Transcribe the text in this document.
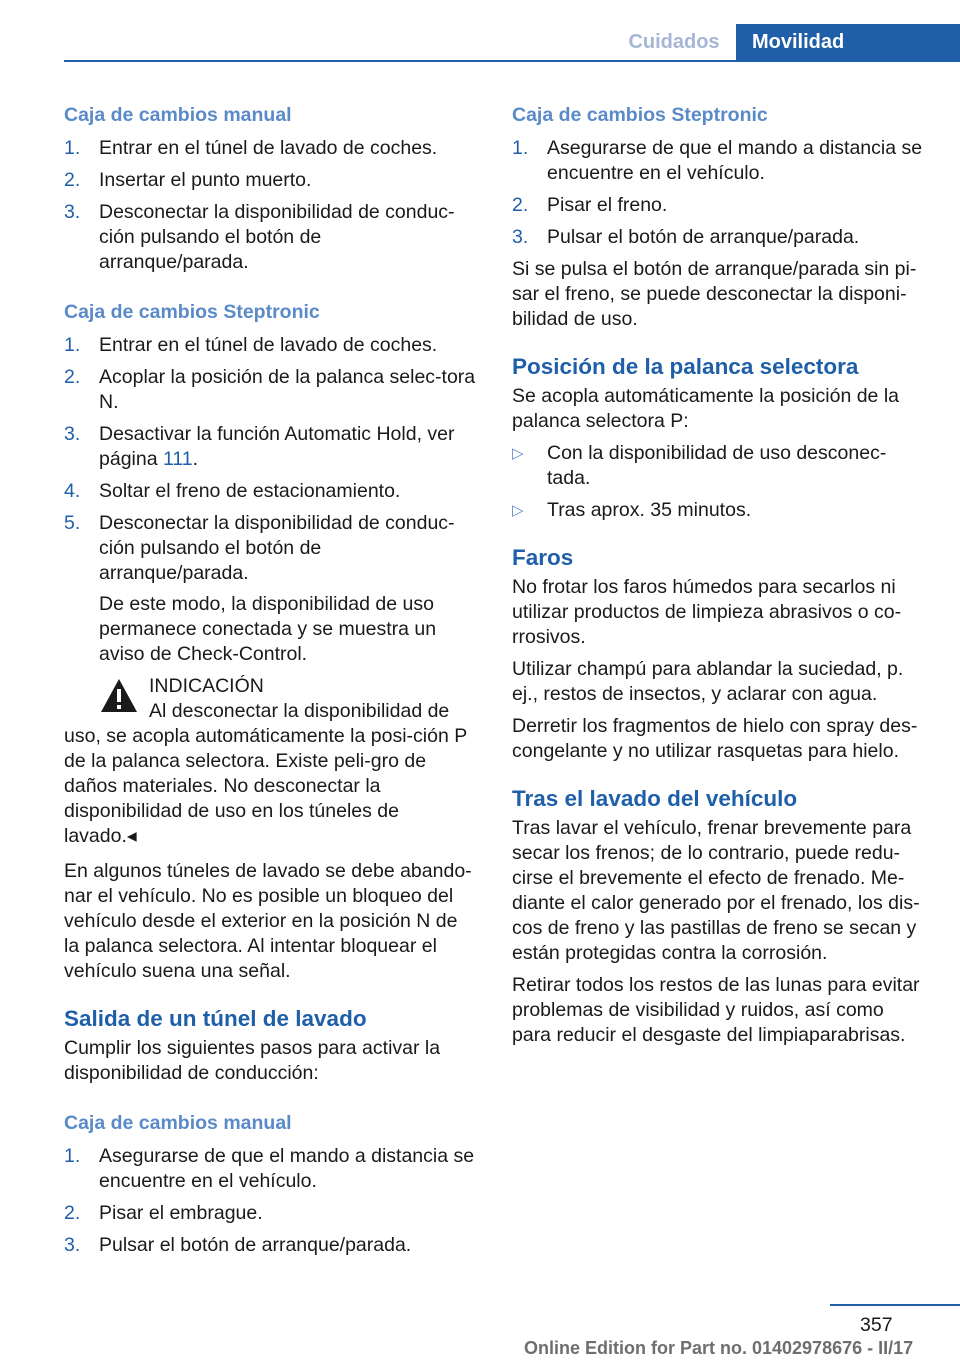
Cuidados	Movilidad
Caja de cambios manual
1. Entrar en el túnel de lavado de coches.
2. Insertar el punto muerto.
3. Desconectar la disponibilidad de conduc‐ción pulsando el botón de arranque/parada.
Caja de cambios Steptronic
1. Entrar en el túnel de lavado de coches.
2. Acoplar la posición de la palanca selec‐tora N.
3. Desactivar la función Automatic Hold, ver página 111.
4. Soltar el freno de estacionamiento.
5. Desconectar la disponibilidad de conduc‐ción pulsando el botón de arranque/parada.
De este modo, la disponibilidad de uso permanece conectada y se muestra un aviso de Check-Control.
INDICACIÓN
Al desconectar la disponibilidad de
uso, se acopla automáticamente la posi‐ción P de la palanca selectora. Existe peli‐gro de daños materiales. No desconectar la disponibilidad de uso en los túneles de lavado.◂

En algunos túneles de lavado se debe abando‐nar el vehículo. No es posible un bloqueo del vehículo desde el exterior en la posición N de la palanca selectora. Al intentar bloquear el vehículo suena una señal.

Salida de un túnel de lavado

Cumplir los siguientes pasos para activar la disponibilidad de conducción:

Caja de cambios manual
1. Asegurarse de que el mando a distancia se encuentre en el vehículo.
2. Pisar el embrague.
3. Pulsar el botón de arranque/parada.
Caja de cambios Steptronic
1. Asegurarse de que el mando a distancia se encuentre en el vehículo.
2. Pisar el freno.
3. Pulsar el botón de arranque/parada.

Si se pulsa el botón de arranque/parada sin pi‐sar el freno, se puede desconectar la disponi‐bilidad de uso.

Posición de la palanca selectora

Se acopla automáticamente la posición de la palanca selectora P:

▷ Con la disponibilidad de uso desconec‐tada.
▷ Tras aprox. 35 minutos.
Faros

No frotar los faros húmedos para secarlos ni utilizar productos de limpieza abrasivos o co‐rrosivos.

Utilizar champú para ablandar la suciedad, p. ej., restos de insectos, y aclarar con agua.

Derretir los fragmentos de hielo con spray des‐congelante y no utilizar rasquetas para hielo.

Tras el lavado del vehículo

Tras lavar el vehículo, frenar brevemente para secar los frenos; de lo contrario, puede redu‐cirse el brevemente el efecto de frenado. Me‐diante el calor generado por el frenado, los dis‐cos de freno y las pastillas de freno se secan y están protegidas contra la corrosión.

Retirar todos los restos de las lunas para evitar problemas de visibilidad y ruidos, así como para reducir el desgaste del limpiaparabrisas.

357
Online Edition for Part no. 01402978676 - II/17
